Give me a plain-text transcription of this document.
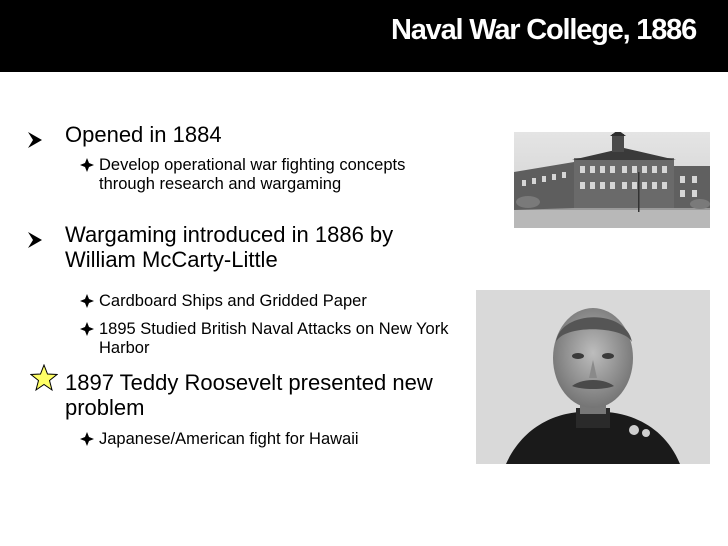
Naval War College, 1886
Opened in 1884
Develop operational war fighting concepts through research and wargaming
Wargaming introduced in 1886 by William McCarty-Little
Cardboard Ships and Gridded Paper
1895 Studied British Naval Attacks on New York Harbor
1897 Teddy Roosevelt presented new problem
Japanese/American fight for Hawaii
